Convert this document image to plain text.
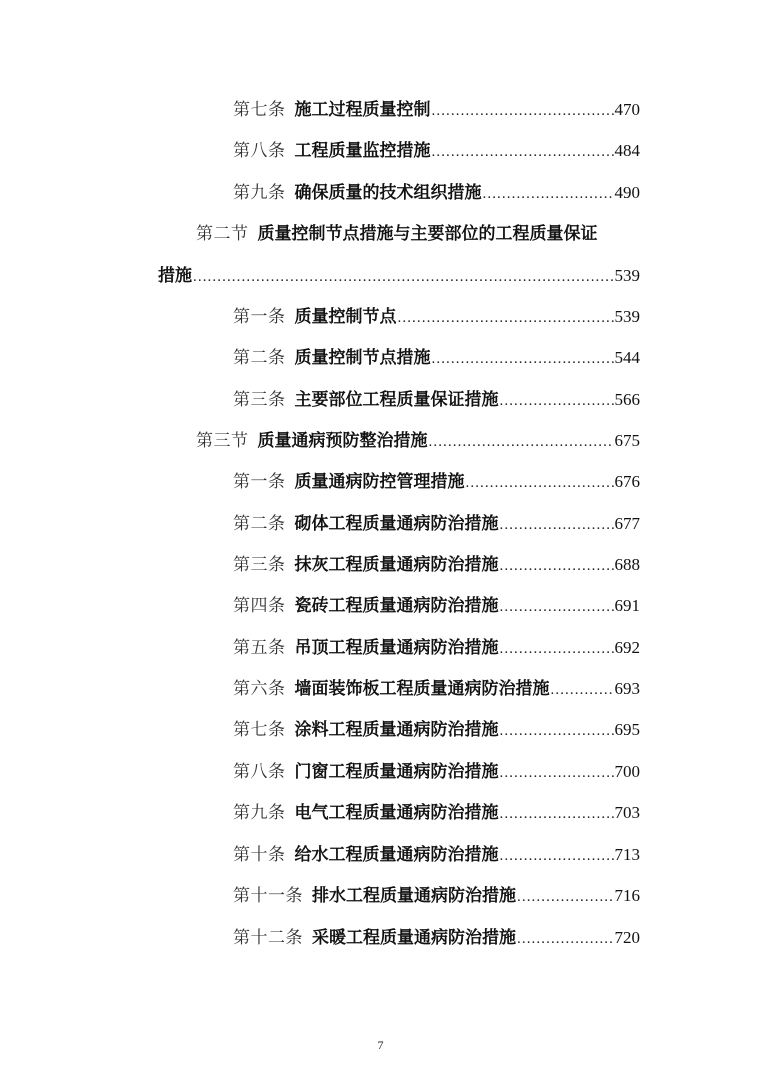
第七条 施工过程质量控制 .....	470
第八条 工程质量监控措施 .....	484
第九条 确保质量的技术组织措施 .....	490
第二节 质量控制节点措施与主要部位的工程质量保证
措施 .....	539
第一条 质量控制节点 .....	539
第二条 质量控制节点措施 .....	544
第三条 主要部位工程质量保证措施 .....	566
第三节 质量通病预防整治措施 .....	675
第一条 质量通病防控管理措施 .....	676
第二条 砌体工程质量通病防治措施 .....	677
第三条 抹灰工程质量通病防治措施 .....	688
第四条 瓷砖工程质量通病防治措施 .....	691
第五条 吊顶工程质量通病防治措施 .....	692
第六条 墙面装饰板工程质量通病防治措施 .....	693
第七条 涂料工程质量通病防治措施 .....	695
第八条 门窗工程质量通病防治措施 .....	700
第九条 电气工程质量通病防治措施 .....	703
第十条 给水工程质量通病防治措施 .....	713
第十一条 排水工程质量通病防治措施 .....	716
第十二条 采暖工程质量通病防治措施 .....	720
7
